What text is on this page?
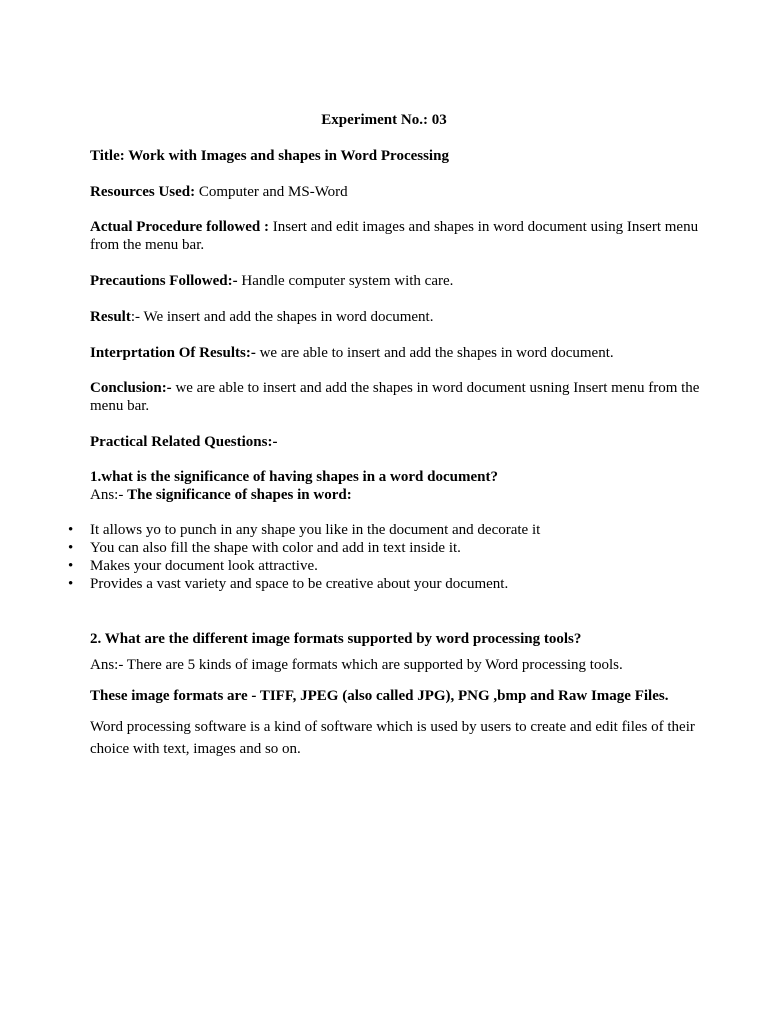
Experiment No.: 03
Title: Work with Images and shapes in Word Processing
Resources Used: Computer and MS-Word
Actual Procedure followed : Insert and edit images and shapes in word document using Insert menu from the menu bar.
Precautions Followed:- Handle computer system with care.
Result:- We insert and add the shapes in word document.
Interprtation Of Results:- we are able to insert and add the shapes in word document.
Conclusion:- we are able to insert and add the shapes in word document usning Insert menu from the menu bar.
Practical Related Questions:-
1.what is the significance of having shapes in a word document?
Ans:- The significance of shapes in word:
• It allows yo to punch in any shape you like in the document and decorate it
• You can also fill the shape with color and add in text inside it.
• Makes your document look attractive.
• Provides a vast variety and space to be creative about your document.
2. What are the different image formats supported by word processing tools?
Ans:- There are 5 kinds of image formats which are supported by Word processing tools.
These image formats are - TIFF, JPEG (also called JPG), PNG ,bmp and Raw Image Files.
Word processing software is a kind of software which is used by users to create and edit files of their choice with text, images and so on.
